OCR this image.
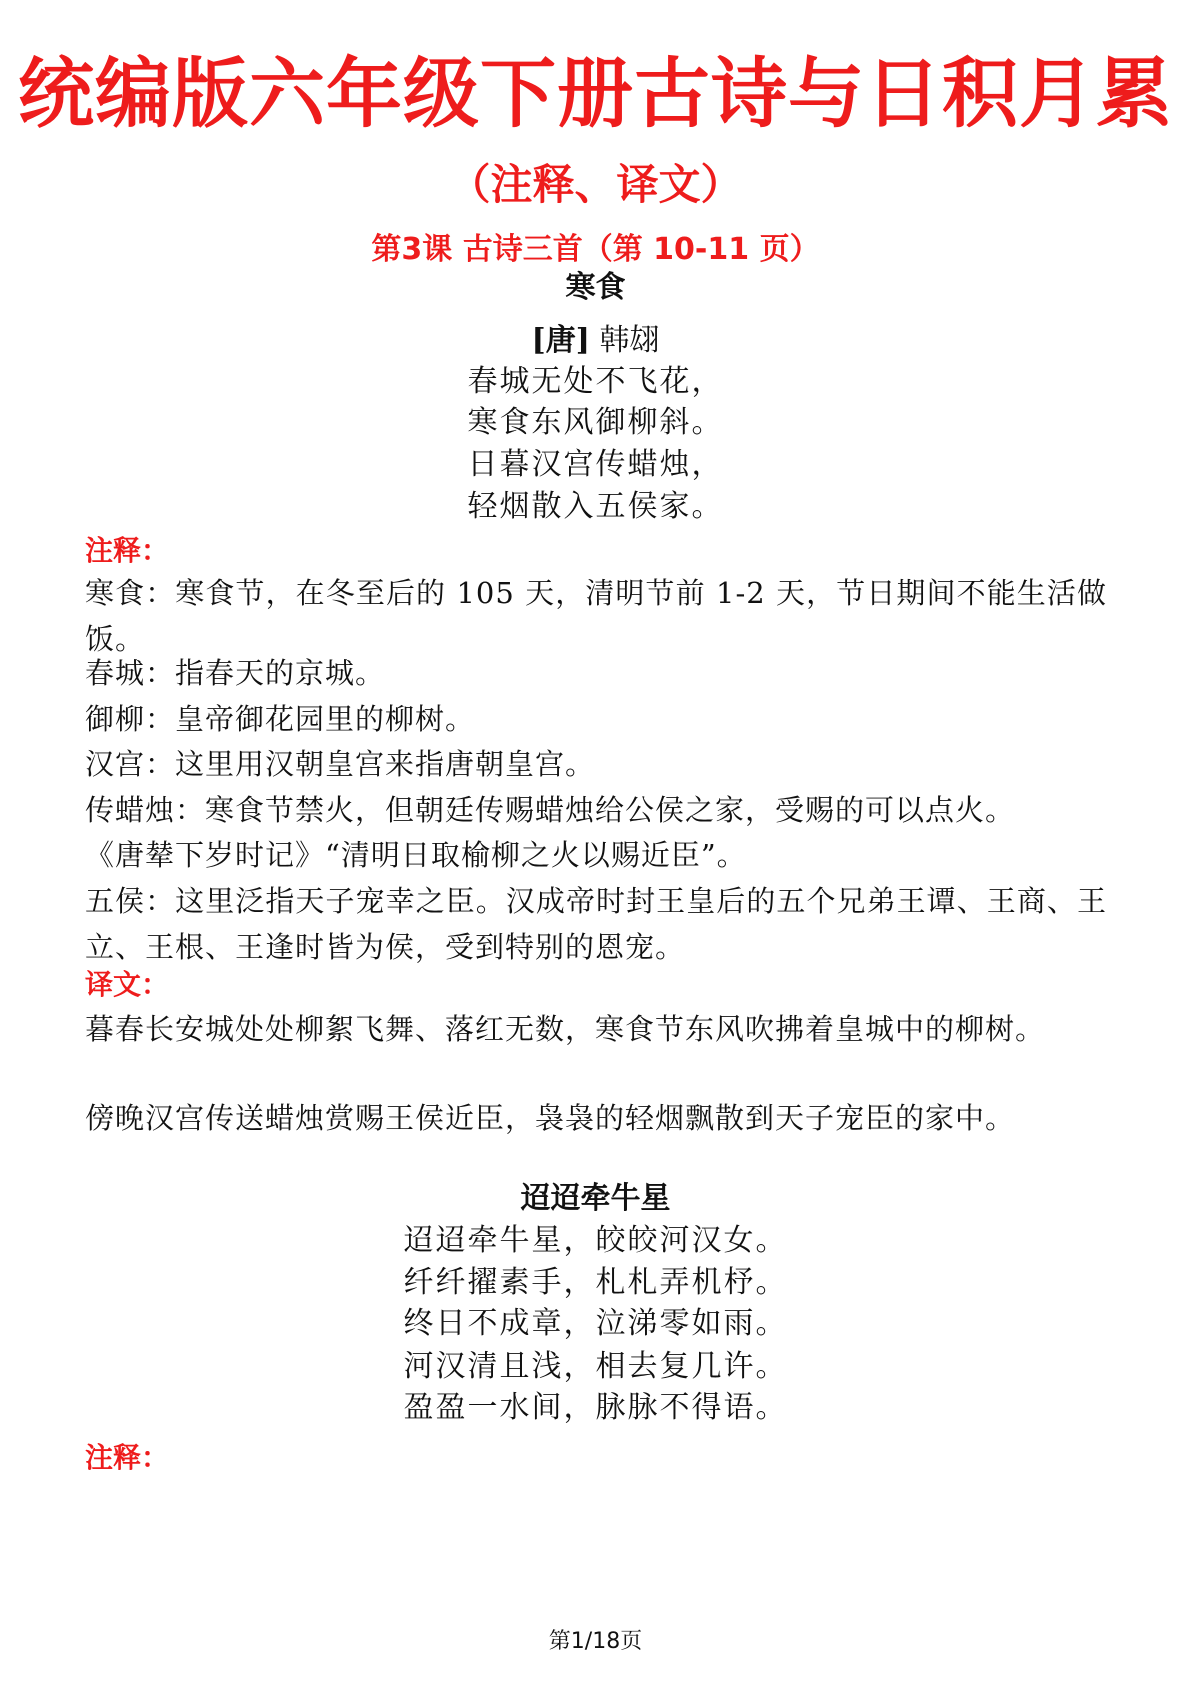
统编版六年级下册古诗与日积月累
（注释、译文）
第3课 古诗三首（第 10-11 页）
寒食
[唐] 韩翃
春城无处不飞花，
寒食东风御柳斜。
日暮汉宫传蜡烛，
轻烟散入五侯家。
注释：
寒食：寒食节，在冬至后的 105 天，清明节前 1-2 天，节日期间不能生活做饭。
春城：指春天的京城。
御柳：皇帝御花园里的柳树。
汉宫：这里用汉朝皇宫来指唐朝皇宫。
传蜡烛：寒食节禁火，但朝廷传赐蜡烛给公侯之家，受赐的可以点火。
《唐辇下岁时记》“清明日取榆柳之火以赐近臣”。
五侯：这里泛指天子宠幸之臣。汉成帝时封王皇后的五个兄弟王谭、王商、王立、王根、王逢时皆为侯，受到特别的恩宠。
译文：
暮春长安城处处柳絮飞舞、落红无数，寒食节东风吹拂着皇城中的柳树。
傍晚汉宫传送蜡烛赏赐王侯近臣，袅袅的轻烟飘散到天子宠臣的家中。
迢迢牵牛星
迢迢牵牛星，皎皎河汉女。
纤纤擢素手，札札弄机杼。
终日不成章，泣涕零如雨。
河汉清且浅，相去复几许。
盈盈一水间，脉脉不得语。
注释：
第1/18页
